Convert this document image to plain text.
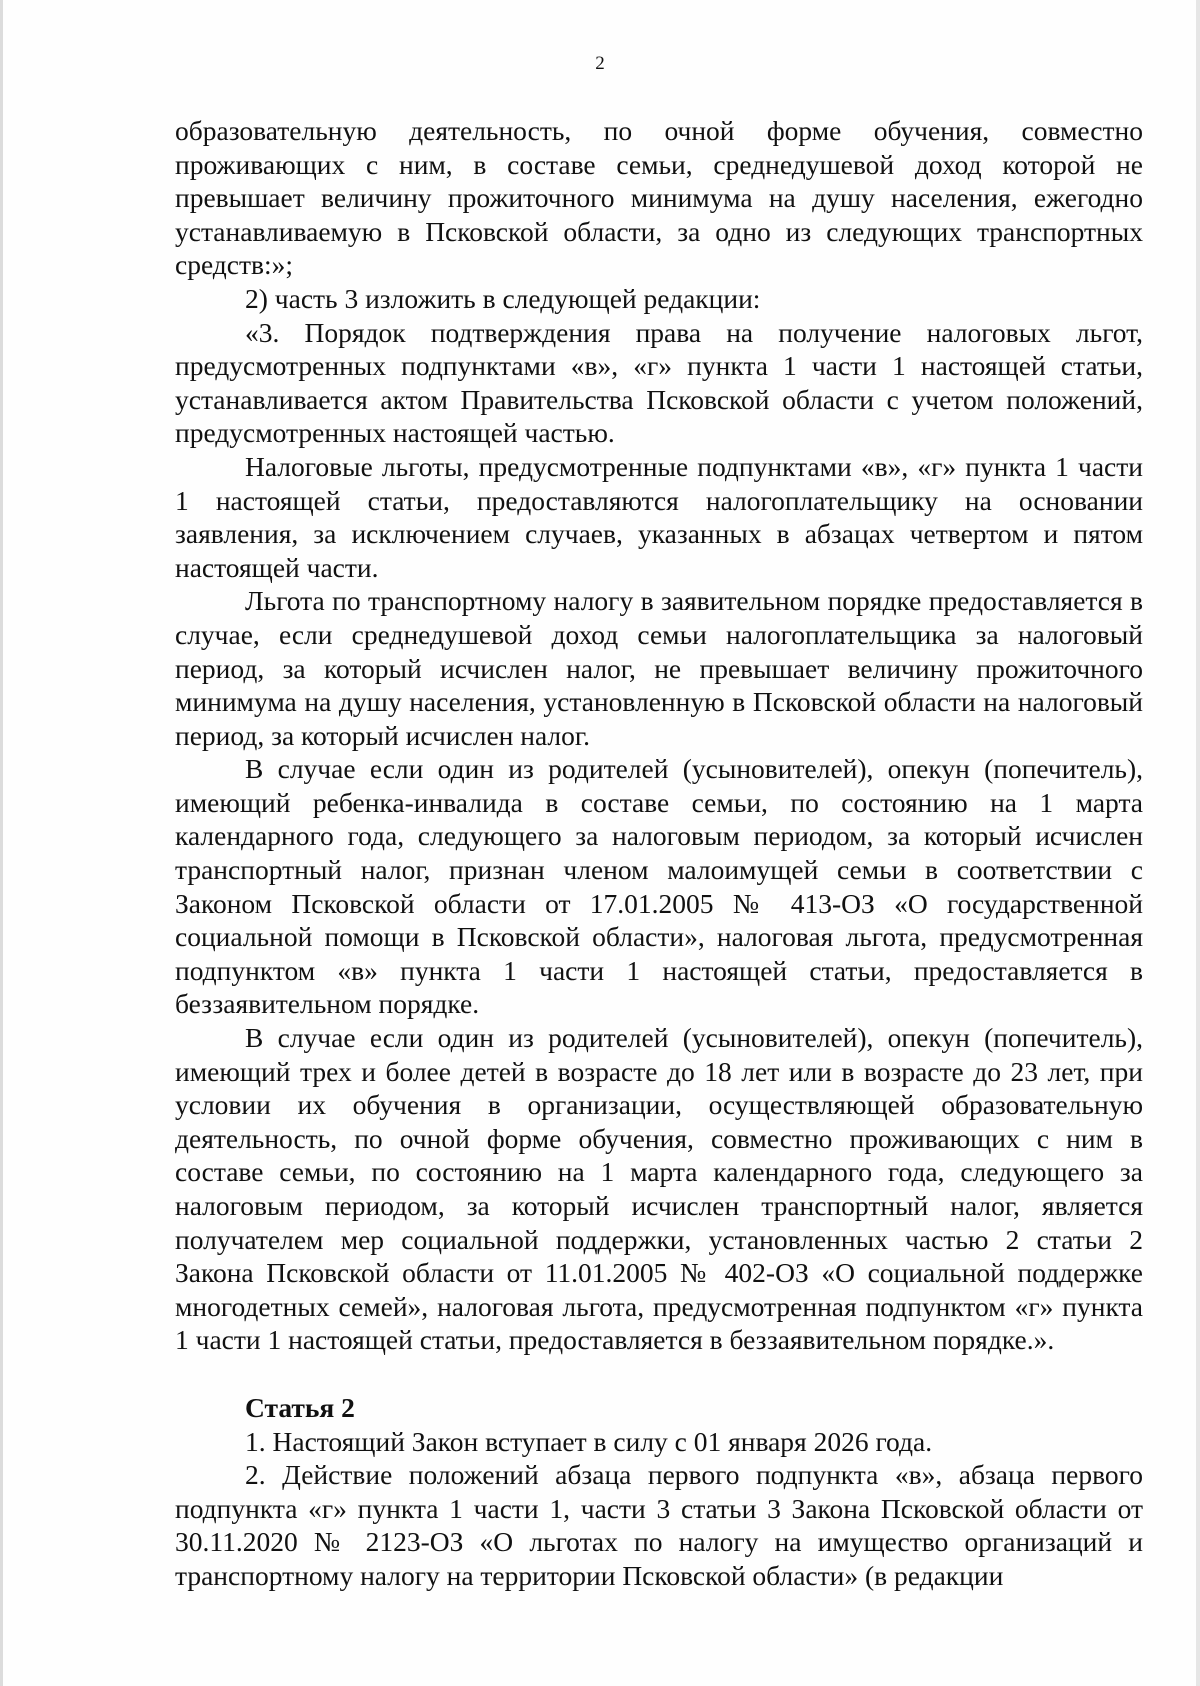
2

образовательную деятельность, по очной форме обучения, совместно проживающих с ним, в составе семьи, среднедушевой доход которой не превышает величину прожиточного минимума на душу населения, ежегодно устанавливаемую в Псковской области, за одно из следующих транспортных средств:»;

2) часть 3 изложить в следующей редакции:

«3. Порядок подтверждения права на получение налоговых льгот, предусмотренных подпунктами «в», «г» пункта 1 части 1 настоящей статьи, устанавливается актом Правительства Псковской области с учетом положений, предусмотренных настоящей частью.

Налоговые льготы, предусмотренные подпунктами «в», «г» пункта 1 части 1 настоящей статьи, предоставляются налогоплательщику на основании заявления, за исключением случаев, указанных в абзацах четвертом и пятом настоящей части.

Льгота по транспортному налогу в заявительном порядке предоставляется в случае, если среднедушевой доход семьи налогоплательщика за налоговый период, за который исчислен налог, не превышает величину прожиточного минимума на душу населения, установленную в Псковской области на налоговый период, за который исчислен налог.

В случае если один из родителей (усыновителей), опекун (попечитель), имеющий ребенка-инвалида в составе семьи, по состоянию на 1 марта календарного года, следующего за налоговым периодом, за который исчислен транспортный налог, признан членом малоимущей семьи в соответствии с Законом Псковской области от 17.01.2005 № 413-ОЗ «О государственной социальной помощи в Псковской области», налоговая льгота, предусмотренная подпунктом «в» пункта 1 части 1 настоящей статьи, предоставляется в беззаявительном порядке.

В случае если один из родителей (усыновителей), опекун (попечитель), имеющий трех и более детей в возрасте до 18 лет или в возрасте до 23 лет, при условии их обучения в организации, осуществляющей образовательную деятельность, по очной форме обучения, совместно проживающих с ним в составе семьи, по состоянию на 1 марта календарного года, следующего за налоговым периодом, за который исчислен транспортный налог, является получателем мер социальной поддержки, установленных частью 2 статьи 2 Закона Псковской области от 11.01.2005 № 402-ОЗ «О социальной поддержке многодетных семей», налоговая льгота, предусмотренная подпунктом «г» пункта 1 части 1 настоящей статьи, предоставляется в беззаявительном порядке.».

Статья 2

1. Настоящий Закон вступает в силу с 01 января 2026 года.

2. Действие положений абзаца первого подпункта «в», абзаца первого подпункта «г» пункта 1 части 1, части 3 статьи 3 Закона Псковской области от 30.11.2020 № 2123-ОЗ «О льготах по налогу на имущество организаций и транспортному налогу на территории Псковской области» (в редакции
